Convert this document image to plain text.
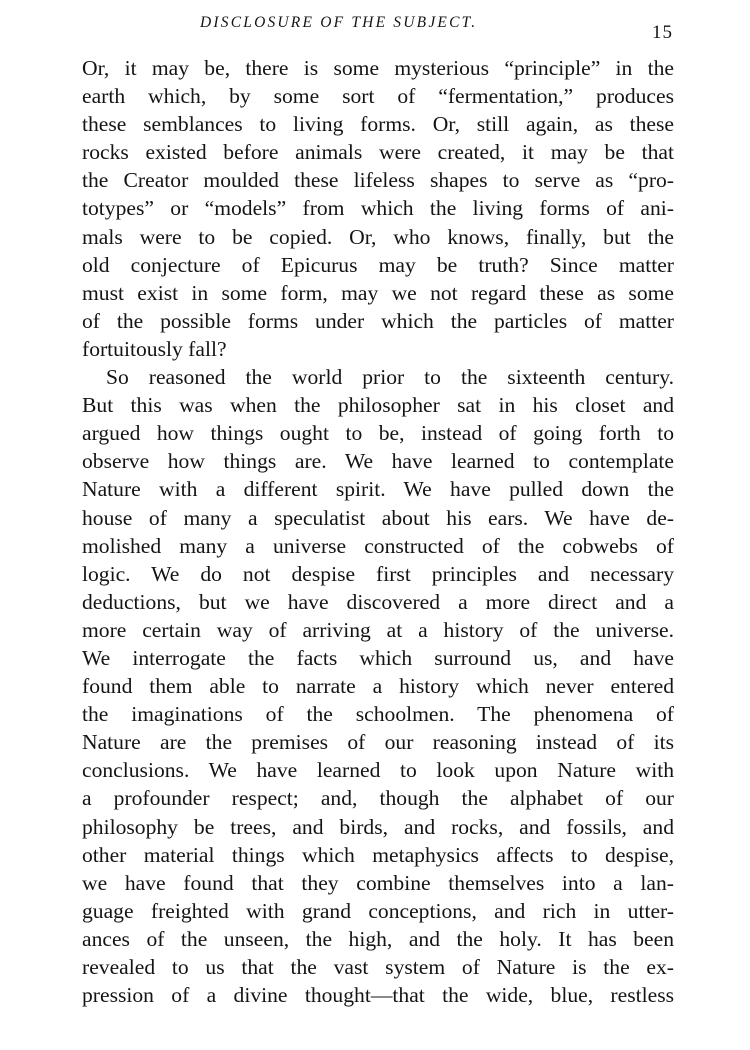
DISCLOSURE OF THE SUBJECT.	15
Or, it may be, there is some mysterious “principle” in the
earth which, by some sort of “fermentation,” produces
these semblances to living forms. Or, still again, as these
rocks existed before animals were created, it may be that
the Creator moulded these lifeless shapes to serve as “pro-
totypes” or “models” from which the living forms of ani-
mals were to be copied. Or, who knows, finally, but the
old conjecture of Epicurus may be truth? Since matter
must exist in some form, may we not regard these as some
of the possible forms under which the particles of matter
fortuitously fall?
So reasoned the world prior to the sixteenth century.
But this was when the philosopher sat in his closet and
argued how things ought to be, instead of going forth to
observe how things are. We have learned to contemplate
Nature with a different spirit. We have pulled down the
house of many a speculatist about his ears. We have de-
molished many a universe constructed of the cobwebs of
logic. We do not despise first principles and necessary
deductions, but we have discovered a more direct and a
more certain way of arriving at a history of the universe.
We interrogate the facts which surround us, and have
found them able to narrate a history which never entered
the imaginations of the schoolmen. The phenomena of
Nature are the premises of our reasoning instead of its
conclusions. We have learned to look upon Nature with
a profounder respect; and, though the alphabet of our
philosophy be trees, and birds, and rocks, and fossils, and
other material things which metaphysics affects to despise,
we have found that they combine themselves into a lan-
guage freighted with grand conceptions, and rich in utter-
ances of the unseen, the high, and the holy. It has been
revealed to us that the vast system of Nature is the ex-
pression of a divine thought—that the wide, blue, restless
